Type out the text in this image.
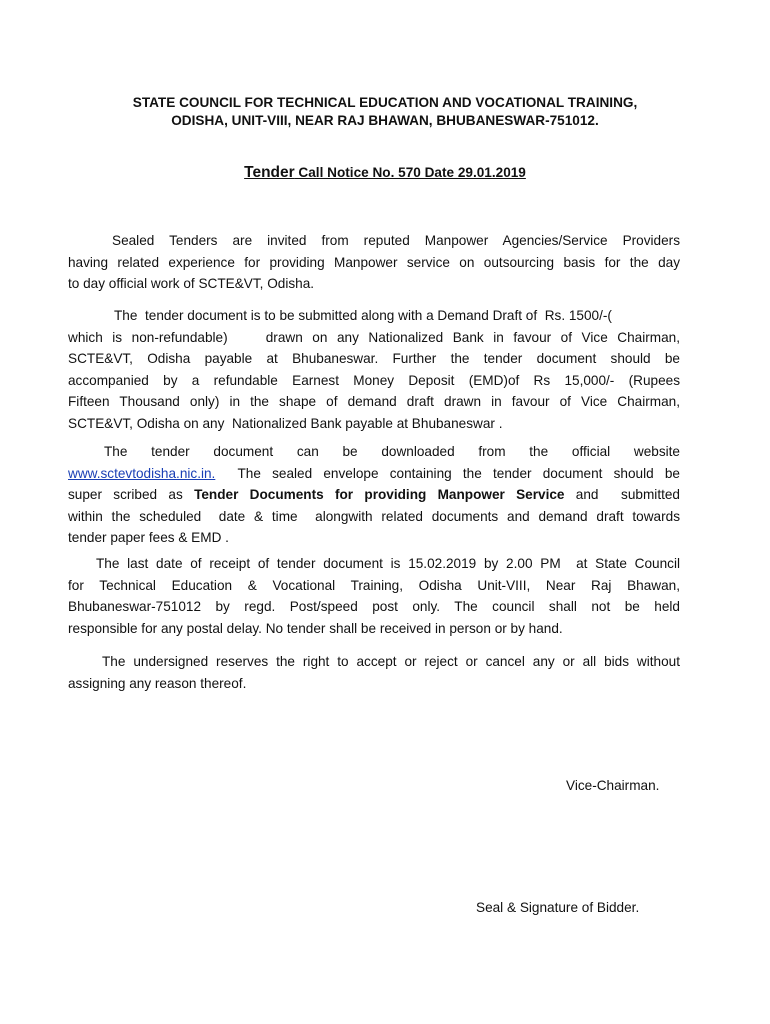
STATE COUNCIL FOR TECHNICAL EDUCATION AND VOCATIONAL TRAINING,
ODISHA, UNIT-VIII, NEAR RAJ BHAWAN, BHUBANESWAR-751012.
Tender Call Notice No. 570 Date 29.01.2019

Sealed Tenders are invited from reputed Manpower Agencies/Service Providers
having related experience for providing Manpower service on outsourcing basis for the day
to day official work of SCTE&VT, Odisha.

The  tender document is to be submitted along with a Demand Draft of  Rs. 1500/-(
which is non-refundable)    drawn on any Nationalized Bank in favour of Vice Chairman,
SCTE&VT, Odisha payable at Bhubaneswar. Further the tender document should be
accompanied by a refundable Earnest Money Deposit (EMD)of Rs 15,000/- (Rupees
Fifteen Thousand only) in the shape of demand draft drawn in favour of Vice Chairman,
SCTE&VT, Odisha on any  Nationalized Bank payable at Bhubaneswar .

The tender document can be downloaded from the official website
www.sctevtodisha.nic.in.  The sealed envelope containing the tender document should be
super scribed as Tender Documents for providing Manpower Service and  submitted
within the scheduled  date & time  alongwith related documents and demand draft towards
tender paper fees & EMD .

The last date of receipt of tender document is 15.02.2019 by 2.00 PM  at State Council
for Technical Education & Vocational Training, Odisha Unit-VIII, Near Raj Bhawan,
Bhubaneswar-751012 by regd. Post/speed post only. The council shall not be held
responsible for any postal delay. No tender shall be received in person or by hand.

The undersigned reserves the right to accept or reject or cancel any or all bids without
assigning any reason thereof.

Vice-Chairman.
Seal & Signature of Bidder.
